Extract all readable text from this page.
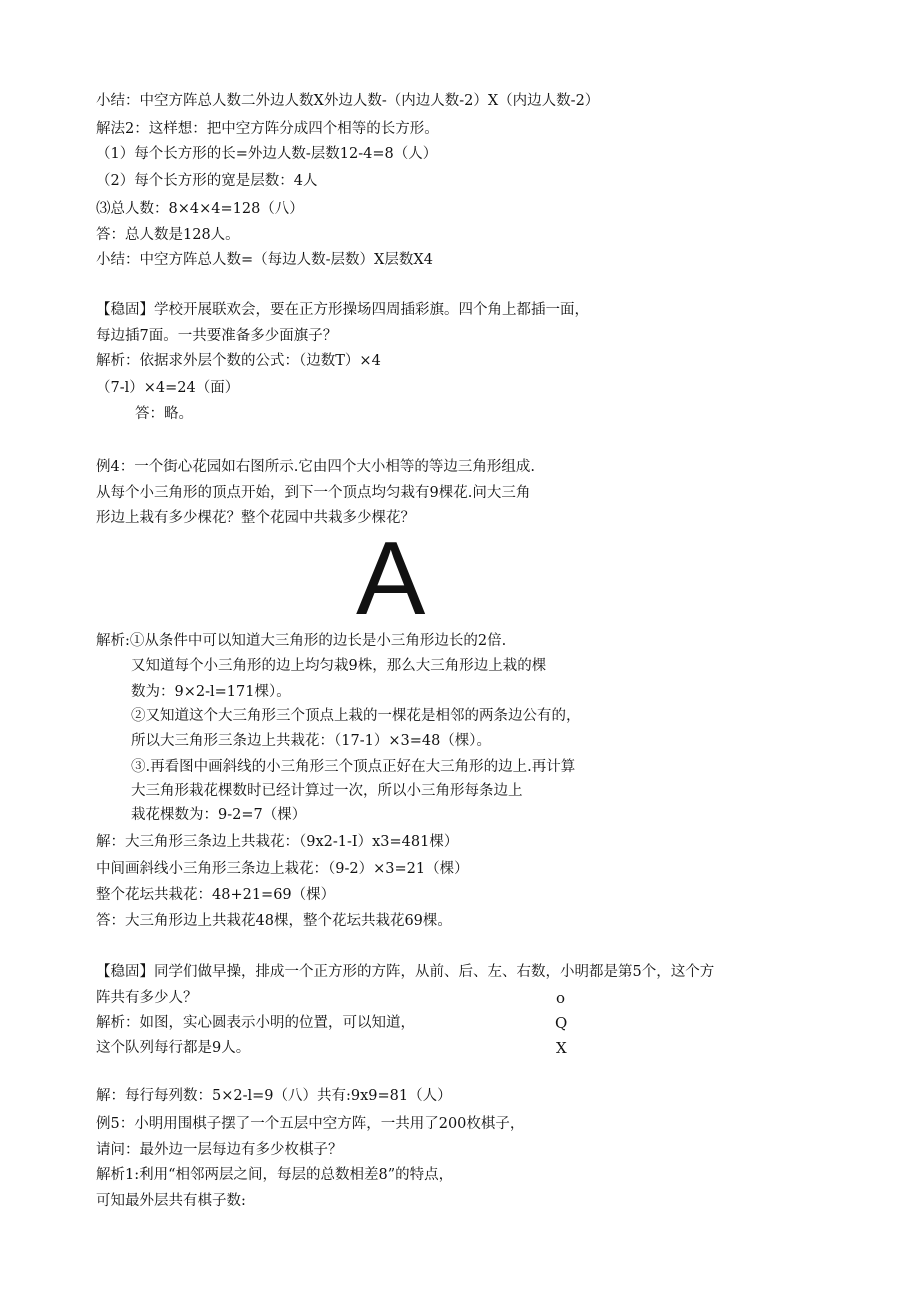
小结：中空方阵总人数二外边人数X外边人数-（内边人数-2）X（内边人数-2）
解法2：这样想：把中空方阵分成四个相等的长方形。
（1）每个长方形的长=外边人数-层数12-4=8（人）
（2）每个长方形的宽是层数：4人
⑶总人数：8×4×4=128（八）
答：总人数是128人。
小结：中空方阵总人数=（每边人数-层数）X层数X4
【稳固】学校开展联欢会，要在正方形操场四周插彩旗。四个角上都插一面，
每边插7面。一共要准备多少面旗子？
解析：依据求外层个数的公式：（边数T）×4
（7-l）×4=24（面）
答：略。
例4：一个街心花园如右图所示.它由四个大小相等的等边三角形组成.
从每个小三角形的顶点开始，到下一个顶点均匀栽有9棵花.问大三角
形边上栽有多少棵花？整个花园中共栽多少棵花？
解析:①从条件中可以知道大三角形的边长是小三角形边长的2倍.
又知道每个小三角形的边上均匀栽9株，那么大三角形边上栽的棵
数为：9×2-l=171棵）。
②又知道这个大三角形三个顶点上栽的一棵花是相邻的两条边公有的，
所以大三角形三条边上共栽花：（17-1）×3=48（棵）。
③.再看图中画斜线的小三角形三个顶点正好在大三角形的边上.再计算
大三角形栽花棵数时已经计算过一次，所以小三角形每条边上
栽花棵数为：9-2=7（棵）
解：大三角形三条边上共栽花：（9x2-1-I）x3=481棵）
中间画斜线小三角形三条边上栽花：（9-2）×3=21（棵）
整个花坛共栽花：48+21=69（棵）
答：大三角形边上共栽花48棵，整个花坛共栽花69棵。
【稳固】同学们做早操，排成一个正方形的方阵，从前、后、左、右数，小明都是第5个，这个方
阵共有多少人？
解析：如图，实心圆表示小明的位置，可以知道，
这个队列每行都是9人。
解：每行每列数：5×2-l=9（八）共有:9x9=81（人）
例5：小明用围棋子摆了一个五层中空方阵，一共用了200枚棋子，
请问：最外边一层每边有多少枚棋子？
解析1:利用“相邻两层之间，每层的总数相差8”的特点，
可知最外层共有棋子数:
o
Q
X
A
